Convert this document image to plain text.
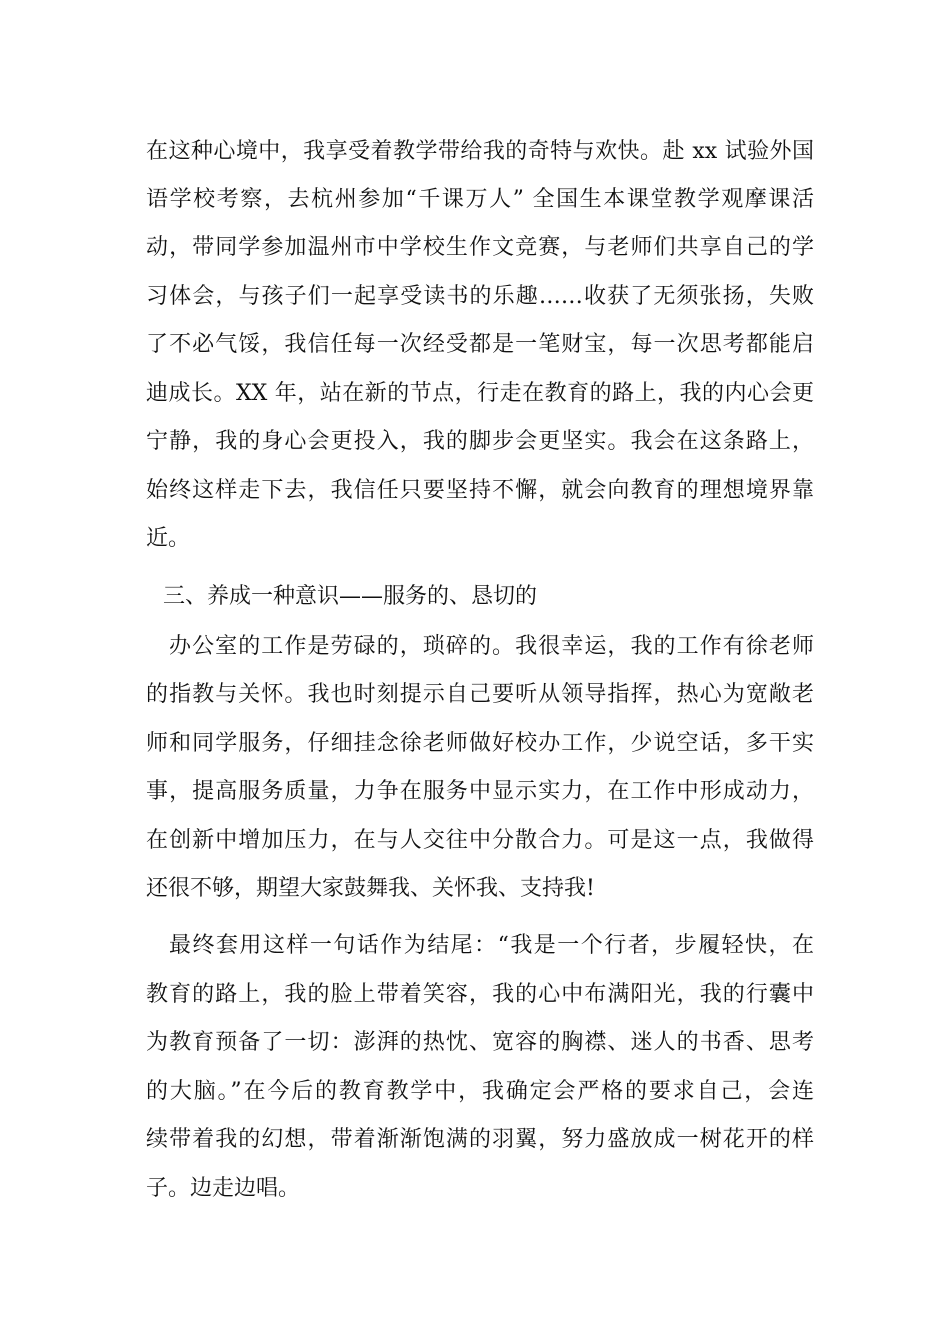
在这种心境中，我享受着教学带给我的奇特与欢快。赴 xx 试验外国
语学校考察，去杭州参加“千课万人” 全国生本课堂教学观摩课活
动，带同学参加温州市中学校生作文竞赛，与老师们共享自己的学
习体会，与孩子们一起享受读书的乐趣……收获了无须张扬，失败
了不必气馁，我信任每一次经受都是一笔财宝，每一次思考都能启
迪成长。XX 年，站在新的节点，行走在教育的路上，我的内心会更
宁静，我的身心会更投入，我的脚步会更坚实。我会在这条路上，
始终这样走下去，我信任只要坚持不懈，就会向教育的理想境界靠
近。
三、养成一种意识——服务的、恳切的
办公室的工作是劳碌的，琐碎的。我很幸运，我的工作有徐老师
的指教与关怀。我也时刻提示自己要听从领导指挥，热心为宽敞老
师和同学服务，仔细挂念徐老师做好校办工作，少说空话，多干实
事，提高服务质量，力争在服务中显示实力，在工作中形成动力，
在创新中增加压力，在与人交往中分散合力。可是这一点，我做得
还很不够，期望大家鼓舞我、关怀我、支持我!
最终套用这样一句话作为结尾：“我是一个行者，步履轻快，在
教育的路上，我的脸上带着笑容，我的心中布满阳光，我的行囊中
为教育预备了一切：澎湃的热忱、宽容的胸襟、迷人的书香、思考
的大脑。”在今后的教育教学中，我确定会严格的要求自己，会连
续带着我的幻想，带着渐渐饱满的羽翼，努力盛放成一树花开的样
子。边走边唱。
